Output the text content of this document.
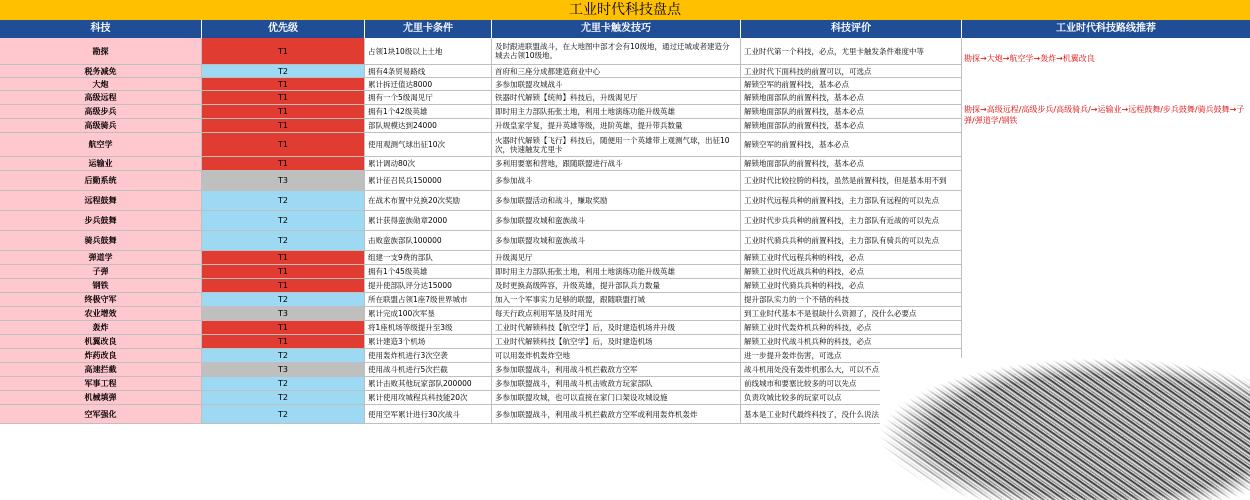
工业时代科技盘点
科技	优先级	尤里卡条件	尤里卡触发技巧	科技评价	工业时代科技路线推荐
勘探	T1	占领1块10级以上土地	及时跟进联盟战斗，在大地图中部才会有10级地，通过迁城或者建造分城去占领10级地。	工业时代第一个科技，必点，尤里卡触发条件难度中等
税务减免	T2	拥有4条贸易路线	首府和三座分成都建造商业中心	工业时代下面科技的前置可以，可选点
大炮	T1	累计拆迁值达8000	多参加联盟攻城战斗	解锁空军的前置科技，基本必点
高级远程	T1	拥有一个5级渴见厅	铁器时代解锁【统帅】科技后，升级渴见厅	解锁地面部队的前置科技，基本必点
高级步兵	T1	拥有1个42级英雄	即时用主力部队拓张土地，利用土地演练功能升级英雄	解锁地面部队的前置科技，基本必点
高级骑兵	T1	部队规模达到24000	升级皇家学复，提升英雄等级，进阶英雄，提升带兵数量	解锁地面部队的前置科技，基本必点
航空学	T1	使用观测气球出征10次	火器时代解锁【飞行】科技后，随便用一个英雄带上观测气球，出征10次，快速触发尤里卡	解锁空军的前置科技，基本必点
运输业	T1	累计调动80次	多利用要塞和营地，跟随联盟进行战斗	解锁地面部队的前置科技，基本必点
后勤系统	T3	累计征召民兵150000	多参加战斗	工业时代比较拉胯的科技，虽然是前置科技，但是基本用不到
远程鼓舞	T2	在战术布置中兑换20次奖励	多参加联盟活动和战斗，赚取奖励	工业时代远程兵种的前置科技，主力部队有远程的可以先点
步兵鼓舞	T2	累计获得蛮族勋章2000	多参加联盟攻城和蛮族战斗	工业时代步兵兵种的前置科技，主力部队有近战的可以先点
骑兵鼓舞	T2	击败蛮族部队100000	多参加联盟攻城和蛮族战斗	工业时代骑兵兵种的前置科技，主力部队有骑兵的可以先点
弹道学	T1	组建一支9费的部队	升级渴见厅	解锁工业时代远程兵种的科技，必点
子弹	T1	拥有1个45级英雄	即时用主力部队拓张土地，利用土地演练功能升级英雄	解锁工业时代近战兵种的科技，必点
钢铁	T1	提升使部队评分达15000	及时更换高级阵容，升级英雄，提升部队兵力数量	解锁工业时代骑兵兵种的科技，必点
终极守军	T2	所在联盟占领1座7级世界城市	加入一个军事实力足够的联盟，跟随联盟打城	提升部队实力的一个不错的科技
农业增效	T3	累计完成100次军垦	每天行政点利用军垦及时用光	到工业时代基本不是很缺什么资源了，没什么必要点
轰炸	T1	将1座机场等级提升至3级	工业时代解锁科技【航空学】后，及时建造机场并升级	解锁工业时代轰炸机兵种的科技，必点
机翼改良	T1	累计建造3个机场	工业时代解锁科技【航空学】后，及时建造机场	解锁工业时代战斗机兵种的科技，必点
炸药改良	T2	使用轰炸机进行3次空袭	可以用轰炸机轰炸空地	进一步提升轰炸伤害，可选点
高速拦截	T3	使用战斗机进行5次拦截	多参加联盟战斗，利用战斗机拦截敌方空军	战斗机用处没有轰炸机那么大，可以不点
军事工程	T2	累计击败其他玩家部队200000	多参加联盟战斗，利用战斗机击败敌方玩家部队	前线城市和要塞比较多的可以先点
机械填弹	T2	累计使用攻城程兵科技能20次	多参加联盟攻城，也可以直接在家门口架设攻城设施	负责攻城比较多的玩家可以点
空军强化	T2	使用空军累计进行30次战斗	多参加联盟战斗，利用战斗机拦截敌方空军或利用轰炸机轰炸	基本是工业时代最终科技了，没什么说法
勘探→大炮→航空学→轰炸→机翼改良
勘探→高级远程/高级步兵/高级骑兵/→运输业→远程鼓舞/步兵鼓舞/骑兵鼓舞→子弹/弹道学/钢铁
